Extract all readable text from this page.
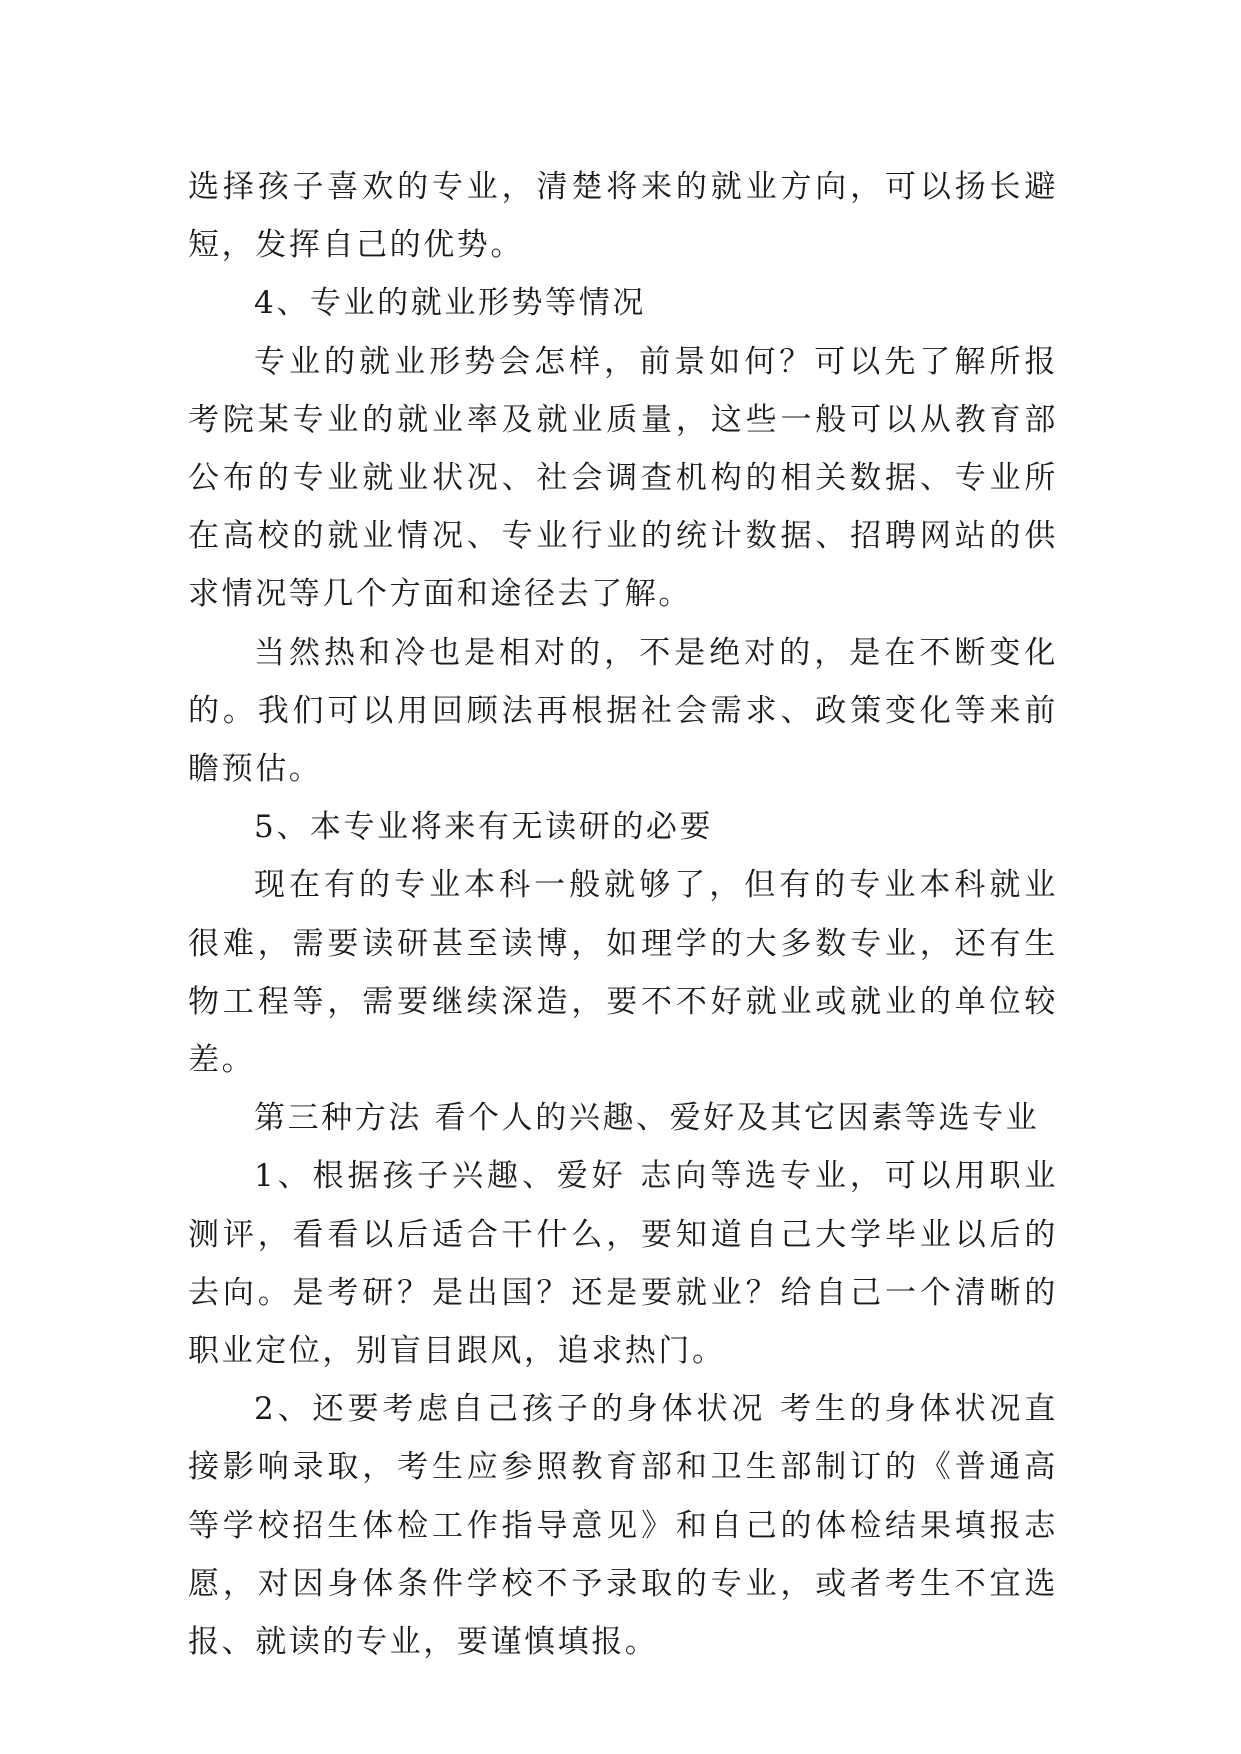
选择孩子喜欢的专业，清楚将来的就业方向，可以扬长避短，发挥自己的优势。

4、专业的就业形势等情况

专业的就业形势会怎样，前景如何？可以先了解所报考院某专业的就业率及就业质量，这些一般可以从教育部公布的专业就业状况、社会调查机构的相关数据、专业所在高校的就业情况、专业行业的统计数据、招聘网站的供求情况等几个方面和途径去了解。

当然热和冷也是相对的，不是绝对的，是在不断变化的。我们可以用回顾法再根据社会需求、政策变化等来前瞻预估。

5、本专业将来有无读研的必要

现在有的专业本科一般就够了，但有的专业本科就业很难，需要读研甚至读博，如理学的大多数专业，还有生物工程等，需要继续深造，要不不好就业或就业的单位较差。

第三种方法 看个人的兴趣、爱好及其它因素等选专业

1、根据孩子兴趣、爱好 志向等选专业，可以用职业测评，看看以后适合干什么，要知道自己大学毕业以后的去向。是考研？是出国？还是要就业？给自己一个清晰的职业定位，别盲目跟风，追求热门。

2、还要考虑自己孩子的身体状况 考生的身体状况直接影响录取，考生应参照教育部和卫生部制订的《普通高等学校招生体检工作指导意见》和自己的体检结果填报志愿，对因身体条件学校不予录取的专业，或者考生不宜选报、就读的专业，要谨慎填报。
